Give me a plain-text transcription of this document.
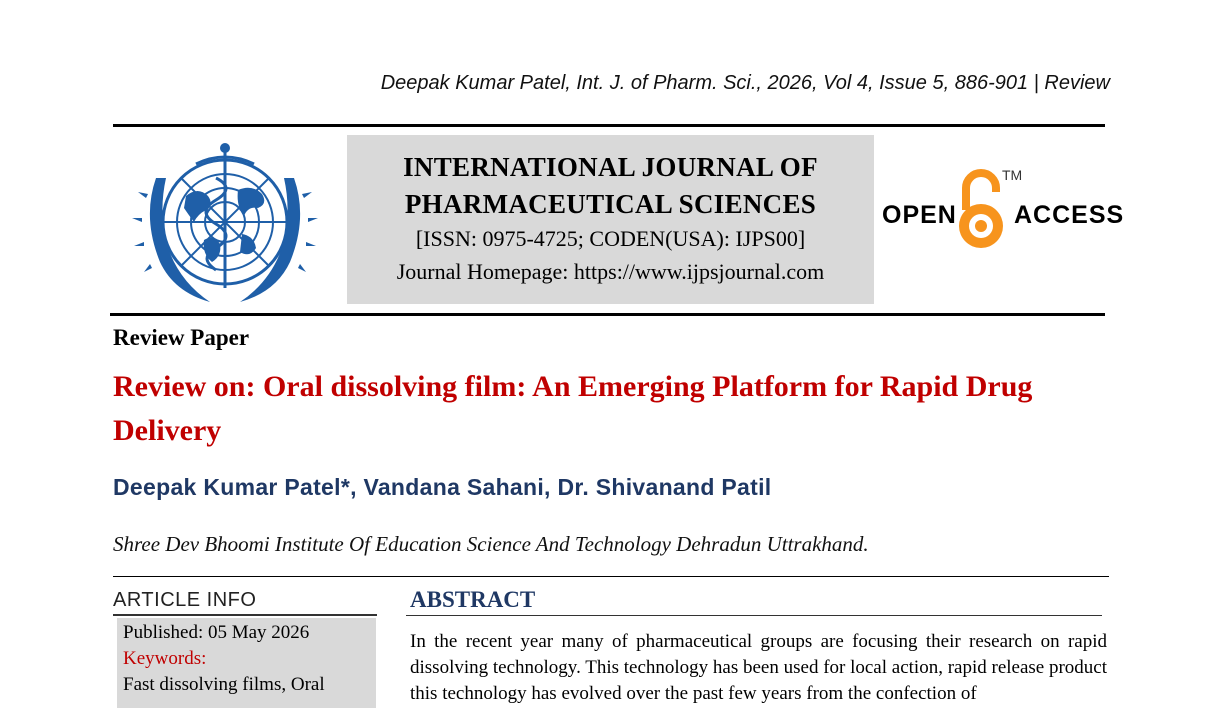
Deepak Kumar Patel, Int. J. of Pharm. Sci., 2026, Vol 4, Issue 5, 886-901 | Review
INTERNATIONAL JOURNAL OF
PHARMACEUTICAL SCIENCES
[ISSN: 0975-4725; CODEN(USA): IJPS00]
Journal Homepage: https://www.ijpsjournal.com
OPEN
TM
ACCESS
Review Paper
Review on: Oral dissolving film: An Emerging Platform for Rapid Drug Delivery
Deepak Kumar Patel*, Vandana Sahani, Dr. Shivanand Patil
Shree Dev Bhoomi Institute Of Education Science And Technology Dehradun Uttrakhand.
ARTICLE INFO
Published: 05 May 2026
Keywords:
Fast dissolving films, Oral
ABSTRACT
In the recent year many of pharmaceutical groups are focusing their research on rapid dissolving technology. This technology has been used for local action, rapid release product this technology has evolved over the past few years from the confection of
